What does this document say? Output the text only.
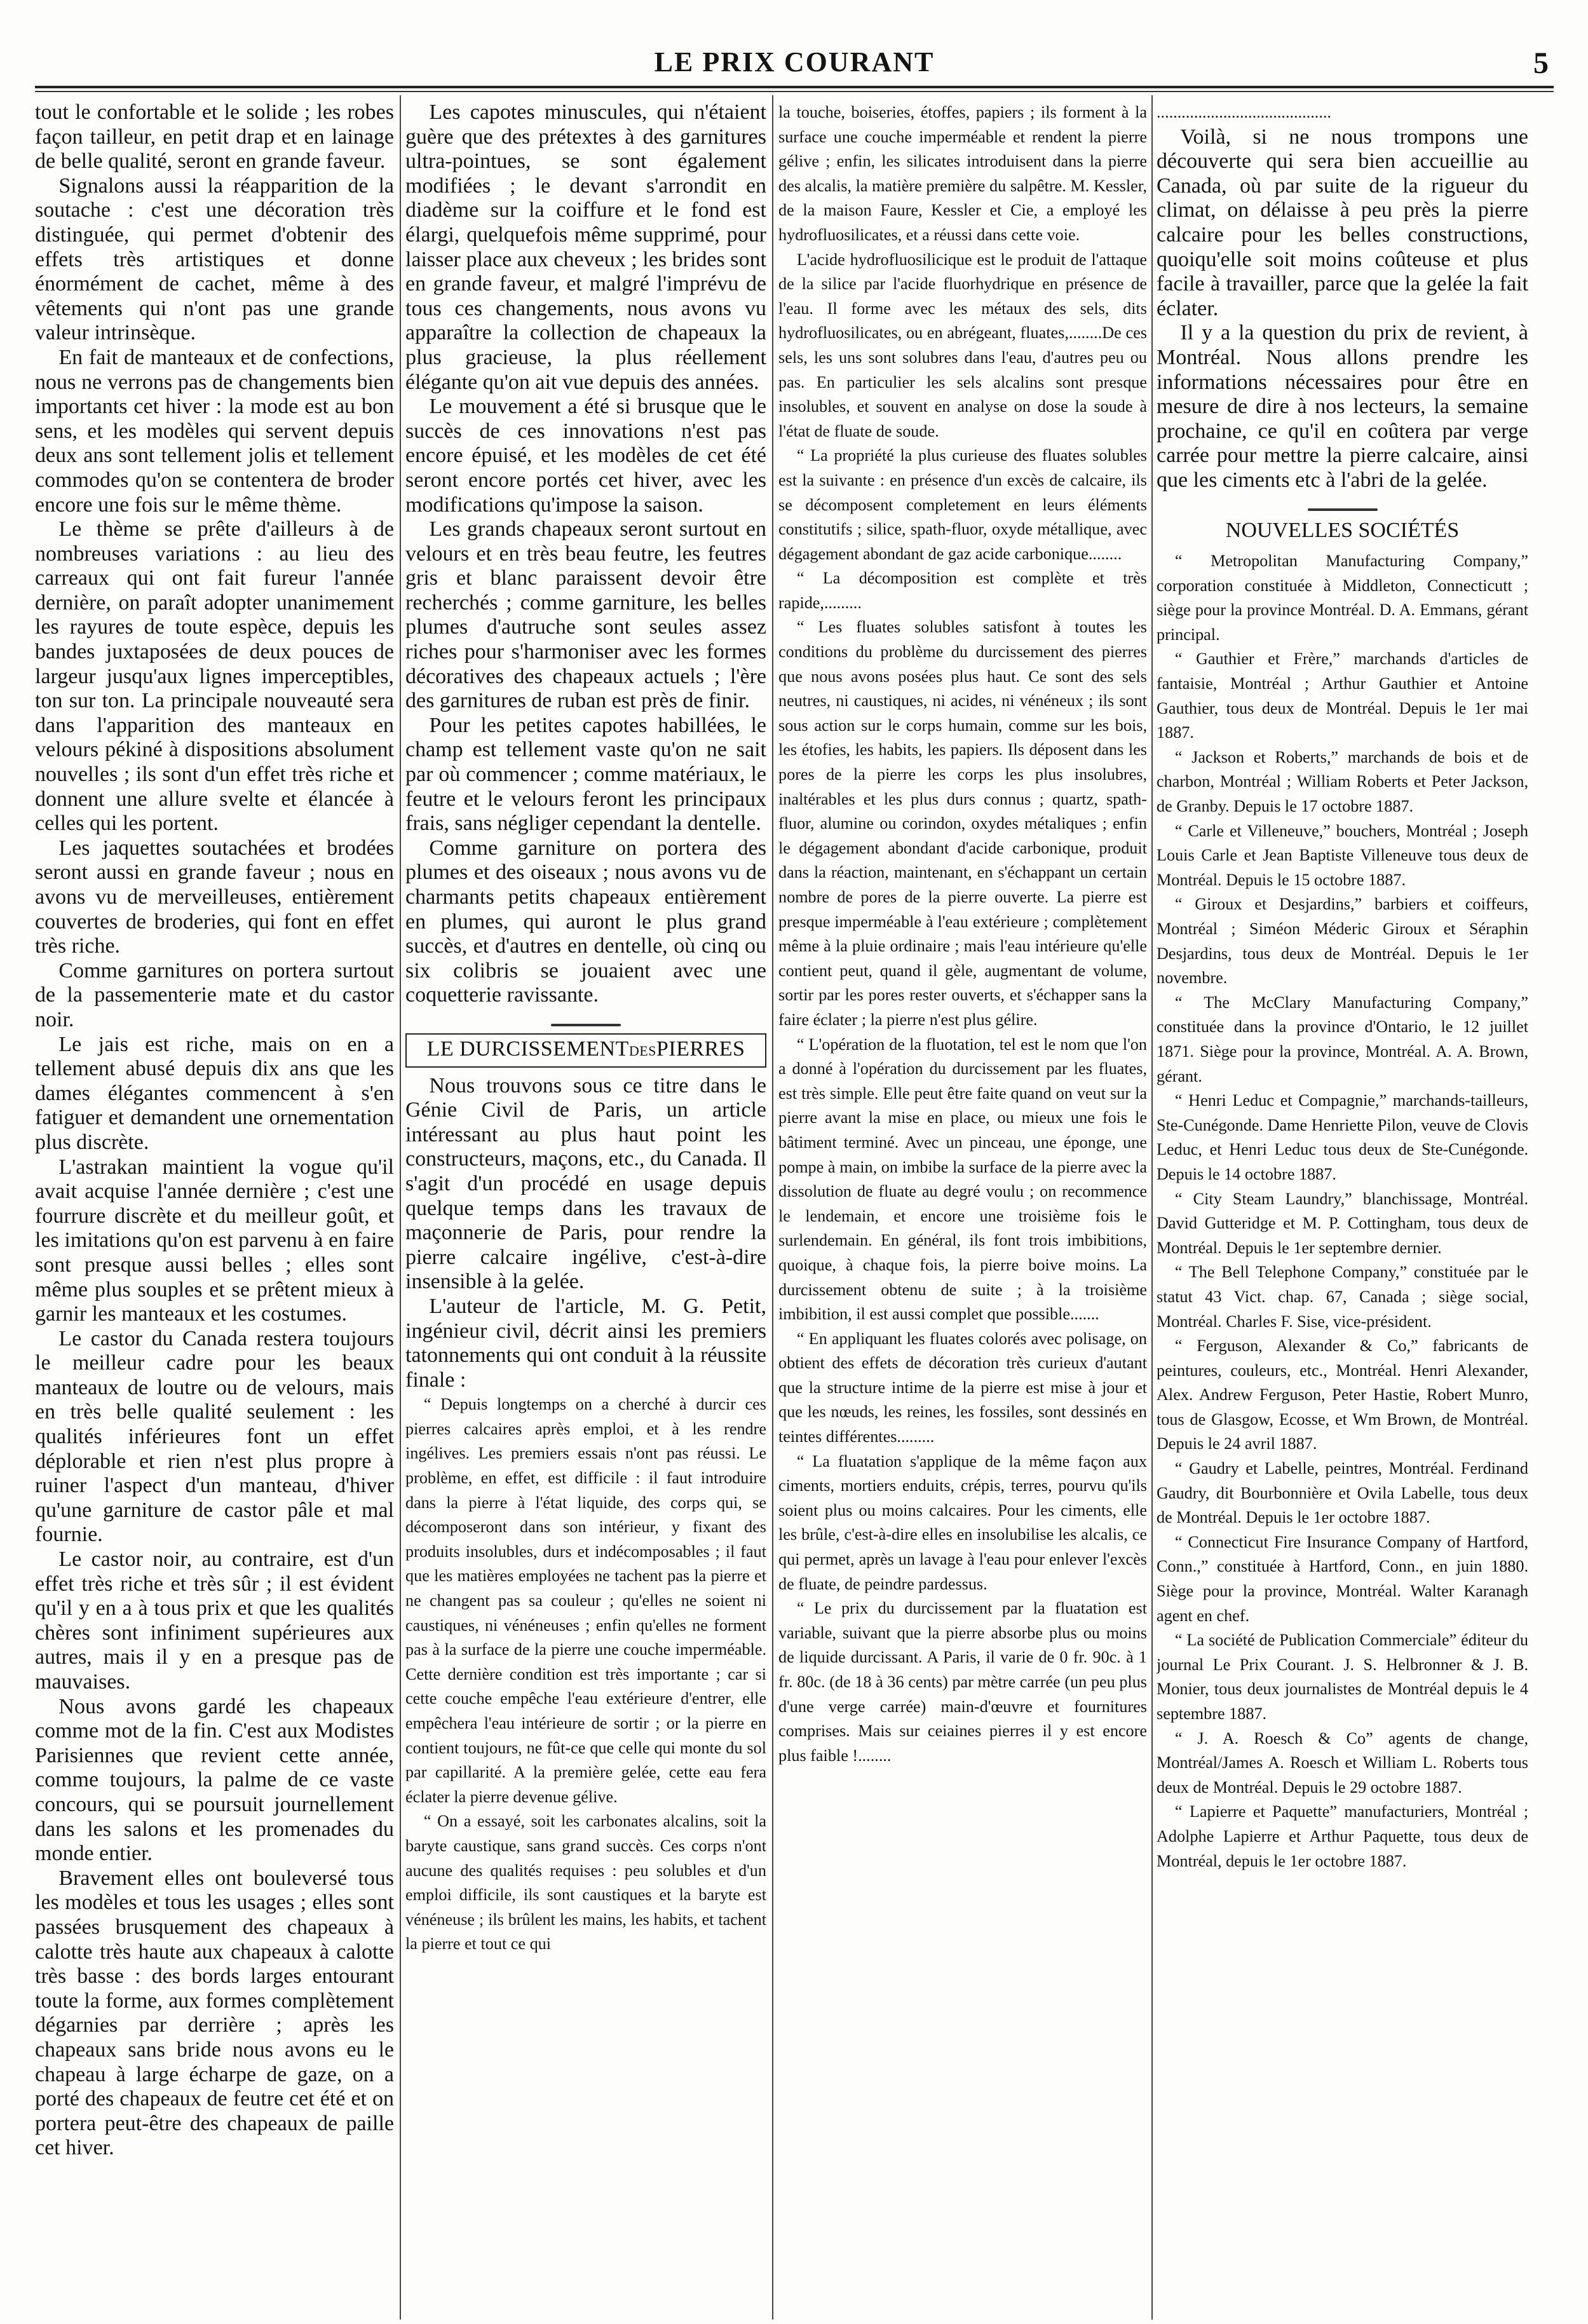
LE PRIX COURANT	5

tout le confortable et le solide ; les robes façon tailleur, en petit drap et en lainage de belle qualité, seront en grande faveur.

Signalons aussi la réapparition de la soutache : c'est une décoration très distinguée, qui permet d'obtenir des effets très artistiques et donne énormément de cachet, même à des vêtements qui n'ont pas une grande valeur intrinsèque.

En fait de manteaux et de confections, nous ne verrons pas de changements bien importants cet hiver : la mode est au bon sens, et les modèles qui servent depuis deux ans sont tellement jolis et tellement commodes qu'on se contentera de broder encore une fois sur le même thème.

Le thème se prête d'ailleurs à de nombreuses variations : au lieu des carreaux qui ont fait fureur l'année dernière, on paraît adopter unanimement les rayures de toute espèce, depuis les bandes juxtaposées de deux pouces de largeur jusqu'aux lignes imperceptibles, ton sur ton. La principale nouveauté sera dans l'apparition des manteaux en velours pékiné à dispositions absolument nouvelles ; ils sont d'un effet très riche et donnent une allure svelte et élancée à celles qui les portent.

Les jaquettes soutachées et brodées seront aussi en grande faveur ; nous en avons vu de merveilleuses, entièrement couvertes de broderies, qui font en effet très riche.

Comme garnitures on portera surtout de la passementerie mate et du castor noir.

Le jais est riche, mais on en a tellement abusé depuis dix ans que les dames élégantes commencent à s'en fatiguer et demandent une ornementation plus discrète.

L'astrakan maintient la vogue qu'il avait acquise l'année dernière ; c'est une fourrure discrète et du meilleur goût, et les imitations qu'on est parvenu à en faire sont presque aussi belles ; elles sont même plus souples et se prêtent mieux à garnir les manteaux et les costumes.

Le castor du Canada restera toujours le meilleur cadre pour les beaux manteaux de loutre ou de velours, mais en très belle qualité seulement : les qualités inférieures font un effet déplorable et rien n'est plus propre à ruiner l'aspect d'un manteau, d'hiver qu'une garniture de castor pâle et mal fournie.

Le castor noir, au contraire, est d'un effet très riche et très sûr ; il est évident qu'il y en a à tous prix et que les qualités chères sont infiniment supérieures aux autres, mais il y en a presque pas de mauvaises.

Nous avons gardé les chapeaux comme mot de la fin. C'est aux Modistes Parisiennes que revient cette année, comme toujours, la palme de ce vaste concours, qui se poursuit journellement dans les salons et les promenades du monde entier.

Bravement elles ont bouleversé tous les modèles et tous les usages ; elles sont passées brusquement des chapeaux à calotte très haute aux chapeaux à calotte très basse : des bords larges entourant toute la forme, aux formes complètement dégarnies par derrière ; après les chapeaux sans bride nous avons eu le chapeau à large écharpe de gaze, on a porté des chapeaux de feutre cet été et on portera peut-être des chapeaux de paille cet hiver.

Les capotes minuscules, qui n'étaient guère que des prétextes à des garnitures ultra-pointues, se sont également modifiées ; le devant s'arrondit en diadème sur la coiffure et le fond est élargi, quelquefois même supprimé, pour laisser place aux cheveux ; les brides sont en grande faveur, et malgré l'imprévu de tous ces changements, nous avons vu apparaître la collection de chapeaux la plus gracieuse, la plus réellement élégante qu'on ait vue depuis des années.

Le mouvement a été si brusque que le succès de ces innovations n'est pas encore épuisé, et les modèles de cet été seront encore portés cet hiver, avec les modifications qu'impose la saison.

Les grands chapeaux seront surtout en velours et en très beau feutre, les feutres gris et blanc paraissent devoir être recherchés ; comme garniture, les belles plumes d'autruche sont seules assez riches pour s'harmoniser avec les formes décoratives des chapeaux actuels ; l'ère des garnitures de ruban est près de finir.

Pour les petites capotes habillées, le champ est tellement vaste qu'on ne sait par où commencer ; comme matériaux, le feutre et le velours feront les principaux frais, sans négliger cependant la dentelle.

Comme garniture on portera des plumes et des oiseaux ; nous avons vu de charmants petits chapeaux entièrement en plumes, qui auront le plus grand succès, et d'autres en dentelle, où cinq ou six colibris se jouaient avec une coquetterie ravissante.

LE DURCISSEMENTDESPIERRES

Nous trouvons sous ce titre dans le Génie Civil de Paris, un article intéressant au plus haut point les constructeurs, maçons, etc., du Canada. Il s'agit d'un procédé en usage depuis quelque temps dans les travaux de maçonnerie de Paris, pour rendre la pierre calcaire ingélive, c'est-à-dire insensible à la gelée.

L'auteur de l'article, M. G. Petit, ingénieur civil, décrit ainsi les premiers tatonnements qui ont conduit à la réussite finale :

“ Depuis longtemps on a cherché à durcir ces pierres calcaires après emploi, et à les rendre ingélives. Les premiers essais n'ont pas réussi. Le problème, en effet, est difficile : il faut introduire dans la pierre à l'état liquide, des corps qui, se décomposeront dans son intérieur, y fixant des produits insolubles, durs et indécomposables ; il faut que les matières employées ne tachent pas la pierre et ne changent pas sa couleur ; qu'elles ne soient ni caustiques, ni vénéneuses ; enfin qu'elles ne forment pas à la surface de la pierre une couche imperméable. Cette dernière condition est très importante ; car si cette couche empêche l'eau extérieure d'entrer, elle empêchera l'eau intérieure de sortir ; or la pierre en contient toujours, ne fût-ce que celle qui monte du sol par capillarité. A la première gelée, cette eau fera éclater la pierre devenue gélive.

“ On a essayé, soit les carbonates alcalins, soit la baryte caustique, sans grand succès. Ces corps n'ont aucune des qualités requises : peu solubles et d'un emploi difficile, ils sont caustiques et la baryte est vénéneuse ; ils brûlent les mains, les habits, et tachent la pierre et tout ce qui

la touche, boiseries, étoffes, papiers ; ils forment à la surface une couche imperméable et rendent la pierre gélive ; enfin, les silicates introduisent dans la pierre des alcalis, la matière première du salpêtre. M. Kessler, de la maison Faure, Kessler et Cie, a employé les hydrofluosilicates, et a réussi dans cette voie.

L'acide hydrofluosilicique est le produit de l'attaque de la silice par l'acide fluorhydrique en présence de l'eau. Il forme avec les métaux des sels, dits hydrofluosilicates, ou en abrégeant, fluates,........De ces sels, les uns sont solubres dans l'eau, d'autres peu ou pas. En particulier les sels alcalins sont presque insolubles, et souvent en analyse on dose la soude à l'état de fluate de soude.

“ La propriété la plus curieuse des fluates solubles est la suivante : en présence d'un excès de calcaire, ils se décomposent completement en leurs éléments constitutifs ; silice, spath-fluor, oxyde métallique, avec dégagement abondant de gaz acide carbonique........

“ La décomposition est complète et très rapide,.........

“ Les fluates solubles satisfont à toutes les conditions du problème du durcissement des pierres que nous avons posées plus haut. Ce sont des sels neutres, ni caustiques, ni acides, ni vénéneux ; ils sont sous action sur le corps humain, comme sur les bois, les étofies, les habits, les papiers. Ils déposent dans les pores de la pierre les corps les plus insolubres, inaltérables et les plus durs connus ; quartz, spath-fluor, alumine ou corindon, oxydes métaliques ; enfin le dégagement abondant d'acide carbonique, produit dans la réaction, maintenant, en s'échappant un certain nombre de pores de la pierre ouverte. La pierre est presque imperméable à l'eau extérieure ; complètement même à la pluie ordinaire ; mais l'eau intérieure qu'elle contient peut, quand il gèle, augmentant de volume, sortir par les pores rester ouverts, et s'échapper sans la faire éclater ; la pierre n'est plus gélire.

“ L'opération de la fluotation, tel est le nom que l'on a donné à l'opération du durcissement par les fluates, est très simple. Elle peut être faite quand on veut sur la pierre avant la mise en place, ou mieux une fois le bâtiment terminé. Avec un pinceau, une éponge, une pompe à main, on imbibe la surface de la pierre avec la dissolution de fluate au degré voulu ; on recommence le lendemain, et encore une troisième fois le surlendemain. En général, ils font trois imbibitions, quoique, à chaque fois, la pierre boive moins. La durcissement obtenu de suite ; à la troisième imbibition, il est aussi complet que possible.......

“ En appliquant les fluates colorés avec polisage, on obtient des effets de décoration très curieux d'autant que la structure intime de la pierre est mise à jour et que les nœuds, les reines, les fossiles, sont dessinés en teintes différentes.........

“ La fluatation s'applique de la même façon aux ciments, mortiers enduits, crépis, terres, pourvu qu'ils soient plus ou moins calcaires. Pour les ciments, elle les brûle, c'est-à-dire elles en insolubilise les alcalis, ce qui permet, après un lavage à l'eau pour enlever l'excès de fluate, de peindre pardessus.

“ Le prix du durcissement par la fluatation est variable, suivant que la pierre absorbe plus ou moins de liquide durcissant. A Paris, il varie de 0 fr. 90c. à 1 fr. 80c. (de 18 à 36 cents) par mètre carrée (un peu plus d'une verge carrée) main-d'œuvre et fournitures comprises. Mais sur ceiaines pierres il y est encore plus faible !........

..........................................

Voilà, si ne nous trompons une découverte qui sera bien accueillie au Canada, où par suite de la rigueur du climat, on délaisse à peu près la pierre calcaire pour les belles constructions, quoiqu'elle soit moins coûteuse et plus facile à travailler, parce que la gelée la fait éclater.

Il y a la question du prix de revient, à Montréal. Nous allons prendre les informations nécessaires pour être en mesure de dire à nos lecteurs, la semaine prochaine, ce qu'il en coûtera par verge carrée pour mettre la pierre calcaire, ainsi que les ciments etc à l'abri de la gelée.

NOUVELLES SOCIÉTÉS

“ Metropolitan Manufacturing Company,” corporation constituée à Middleton, Connecticutt ; siège pour la province Montréal. D. A. Emmans, gérant principal.

“ Gauthier et Frère,” marchands d'articles de fantaisie, Montréal ; Arthur Gauthier et Antoine Gauthier, tous deux de Montréal. Depuis le 1er mai 1887.

“ Jackson et Roberts,” marchands de bois et de charbon, Montréal ; William Roberts et Peter Jackson, de Granby. Depuis le 17 octobre 1887.

“ Carle et Villeneuve,” bouchers, Montréal ; Joseph Louis Carle et Jean Baptiste Villeneuve tous deux de Montréal. Depuis le 15 octobre 1887.

“ Giroux et Desjardins,” barbiers et coiffeurs, Montréal ; Siméon Méderic Giroux et Séraphin Desjardins, tous deux de Montréal. Depuis le 1er novembre.

“ The McClary Manufacturing Company,” constituée dans la province d'Ontario, le 12 juillet 1871. Siège pour la province, Montréal. A. A. Brown, gérant.

“ Henri Leduc et Compagnie,” marchands-tailleurs, Ste-Cunégonde. Dame Henriette Pilon, veuve de Clovis Leduc, et Henri Leduc tous deux de Ste-Cunégonde. Depuis le 14 octobre 1887.

“ City Steam Laundry,” blanchissage, Montréal. David Gutteridge et M. P. Cottingham, tous deux de Montréal. Depuis le 1er septembre dernier.

“ The Bell Telephone Company,” constituée par le statut 43 Vict. chap. 67, Canada ; siège social, Montréal. Charles F. Sise, vice-président.

“ Ferguson, Alexander & Co,” fabricants de peintures, couleurs, etc., Montréal. Henri Alexander, Alex. Andrew Ferguson, Peter Hastie, Robert Munro, tous de Glasgow, Ecosse, et Wm Brown, de Montréal. Depuis le 24 avril 1887.

“ Gaudry et Labelle, peintres, Montréal. Ferdinand Gaudry, dit Bourbonnière et Ovila Labelle, tous deux de Montréal. Depuis le 1er octobre 1887.

“ Connecticut Fire Insurance Company of Hartford, Conn.,” constituée à Hartford, Conn., en juin 1880. Siège pour la province, Montréal. Walter Karanagh agent en chef.

“ La société de Publication Commerciale” éditeur du journal Le Prix Courant. J. S. Helbronner & J. B. Monier, tous deux journalistes de Montréal depuis le 4 septembre 1887.

“ J. A. Roesch & Co” agents de change, Montréal/James A. Roesch et William L. Roberts tous deux de Montréal. Depuis le 29 octobre 1887.

“ Lapierre et Paquette” manufacturiers, Montréal ; Adolphe Lapierre et Arthur Paquette, tous deux de Montréal, depuis le 1er octobre 1887.
